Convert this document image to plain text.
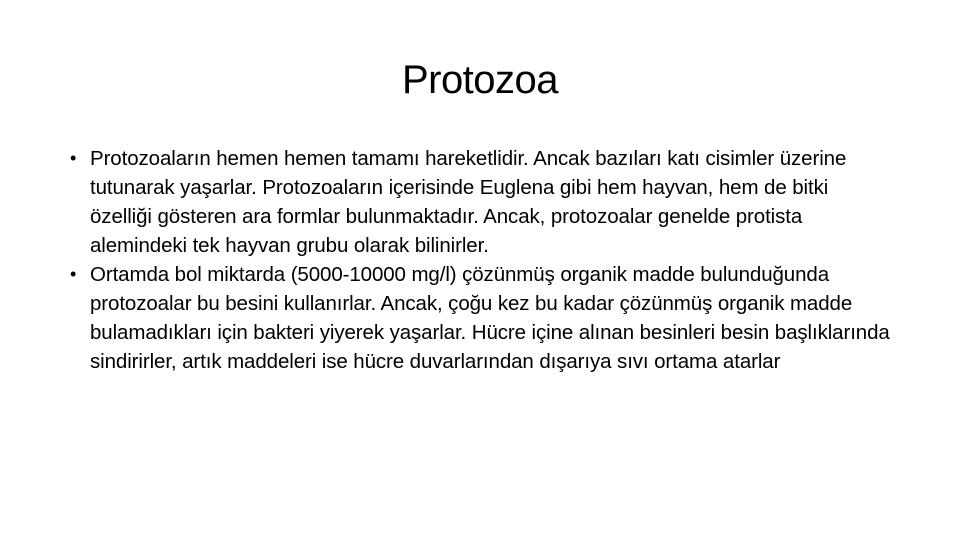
Protozoa
• Protozoaların hemen hemen tamamı hareketlidir. Ancak bazıları katı cisimler üzerine tutunarak yaşarlar. Protozoaların içerisinde Euglena gibi hem hayvan, hem de bitki özelliği gösteren ara formlar bulunmaktadır. Ancak, protozoalar genelde protista alemindeki tek hayvan grubu olarak bilinirler.
• Ortamda bol miktarda (5000-10000 mg/l) çözünmüş organik madde bulunduğunda protozoalar bu besini kullanırlar. Ancak, çoğu kez bu kadar çözünmüş organik madde bulamadıkları için bakteri yiyerek yaşarlar. Hücre içine alınan besinleri besin başlıklarında sindirirler, artık maddeleri ise hücre duvarlarından dışarıya sıvı ortama atarlar
